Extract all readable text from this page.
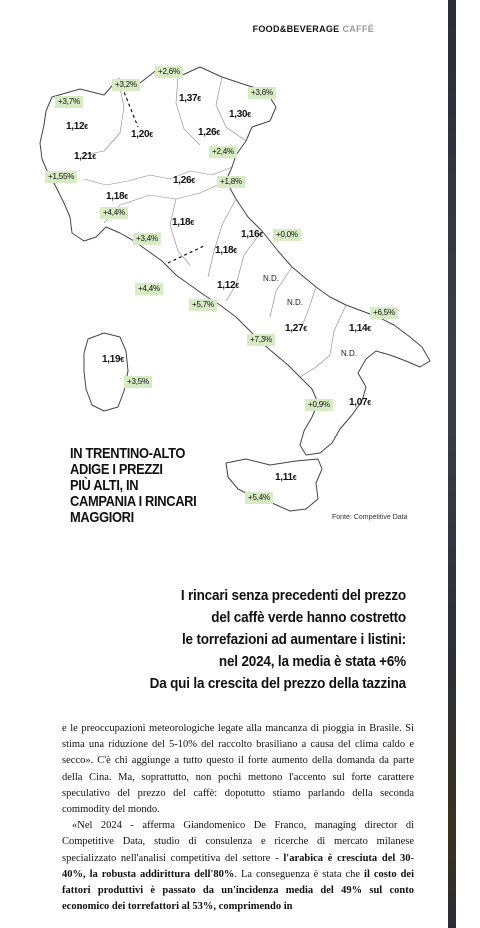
FOOD&BEVERAGE CAFFÈ
1,37€
1,30€
1,12€
1,20€	1,26€
1,21€
1,26€
1,18€
1,18€
1,16€
1,18€
1,12€
1,27€	1,14€
1,19€
1,07€
1,11€
+3,2%
+2,6%
+3,7%
+3,6%
+2,4%
+1,55%
+1,8%
+4,4%
+3,4%	+0,0%
+4,4%
+5,7%
+6,5%
+7,3%
+3,5%
+0,9%
+5,4%
N.D.
N.D.
N.D.
IN TRENTINO-ALTO
ADIGE I PREZZI
PIÙ ALTI, IN
CAMPANIA I RINCARI
MAGGIORI	Fonte: Competitive Data
I rincari senza precedenti del prezzo
del caffè verde hanno costretto
le torrefazioni ad aumentare i listini:
nel 2024, la media è stata +6%
Da qui la crescita del prezzo della tazzina

e le preoccupazioni meteorologiche legate alla mancanza di pioggia in Brasile. Si stima una riduzione del 5-10% del raccolto brasiliano a causa del clima caldo e secco». C'è chi aggiunge a tutto questo il forte aumento della domanda da parte della Cina. Ma, soprattutto, non pochi mettono l'accento sul forte carattere speculativo del prezzo del caffè: dopotutto stiamo parlando della seconda commodity del mondo.

«Nel 2024 - afferma Giandomenico De Franco, managing director di Competitive Data, studio di consulenza e ricerche di mercato milanese specializzato nell'analisi competitiva del settore - l'arabica è cresciuta del 30-40%, la robusta addirittura dell'80%. La conseguenza è stata che il costo dei fattori produttivi è passato da un'incidenza media del 49% sul conto economico dei torrefattori al 53%, comprimendo in
